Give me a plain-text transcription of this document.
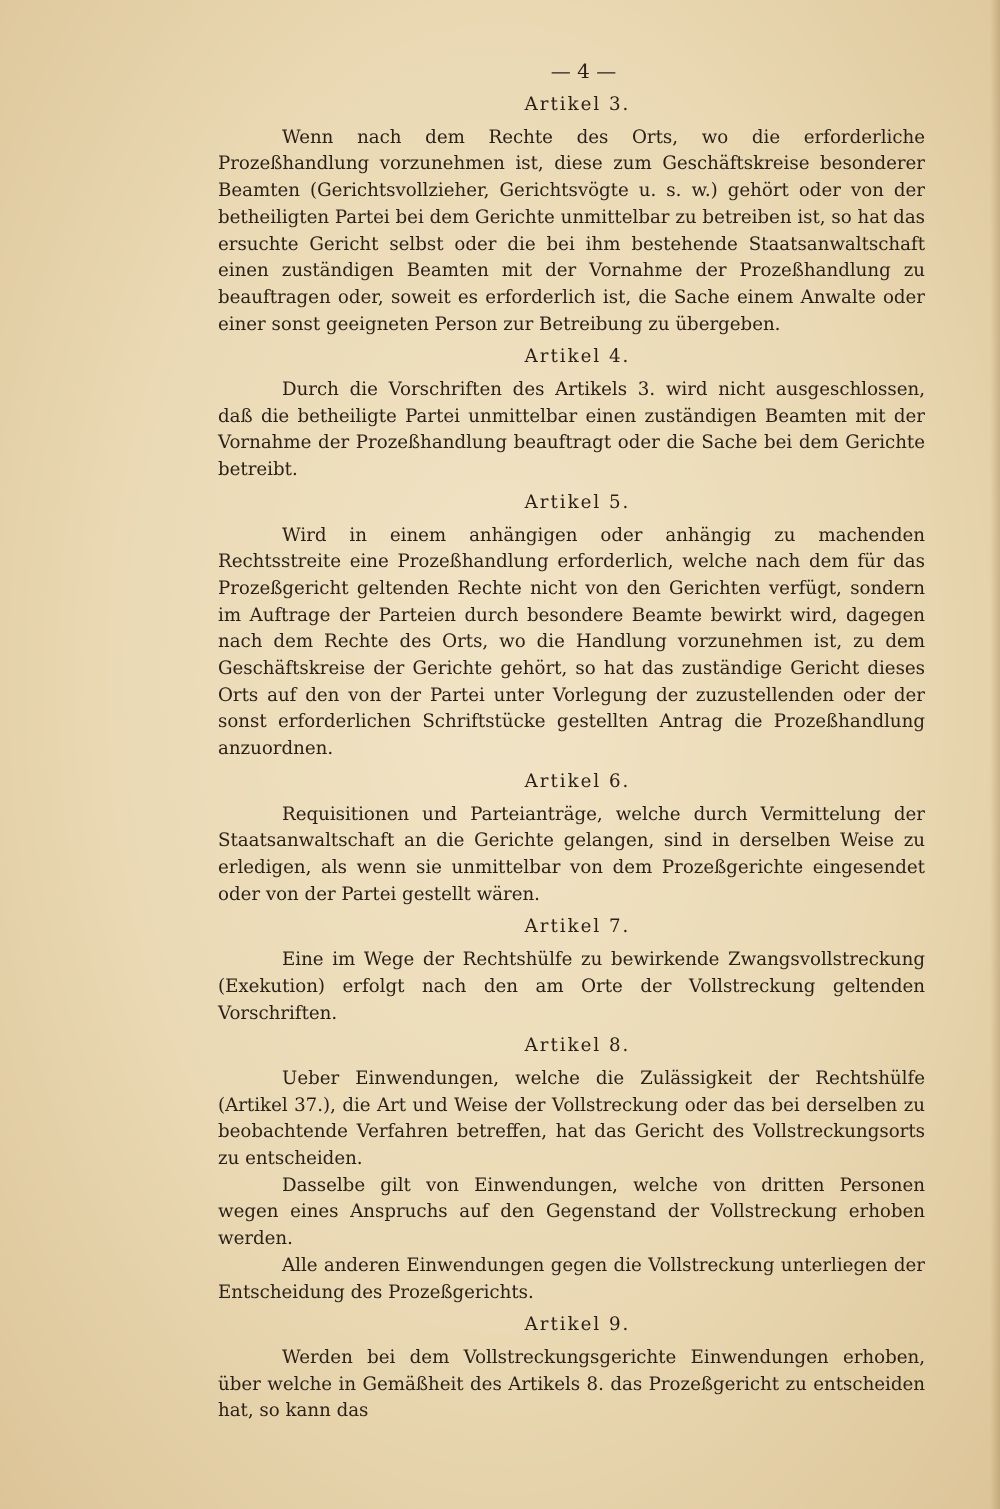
— 4 —
Artikel 3.

Wenn nach dem Rechte des Orts, wo die erforderliche Prozeßhandlung vorzunehmen ist, diese zum Geschäftskreise besonderer Beamten (Gerichtsvollzieher, Gerichtsvögte u. s. w.) gehört oder von der betheiligten Partei bei dem Gerichte unmittelbar zu betreiben ist, so hat das ersuchte Gericht selbst oder die bei ihm bestehende Staatsanwaltschaft einen zuständigen Beamten mit der Vornahme der Prozeßhandlung zu beauftragen oder, soweit es erforderlich ist, die Sache einem Anwalte oder einer sonst geeigneten Person zur Betreibung zu übergeben.

Artikel 4.

Durch die Vorschriften des Artikels 3. wird nicht ausgeschlossen, daß die betheiligte Partei unmittelbar einen zuständigen Beamten mit der Vornahme der Prozeßhandlung beauftragt oder die Sache bei dem Gerichte betreibt.

Artikel 5.

Wird in einem anhängigen oder anhängig zu machenden Rechtsstreite eine Prozeßhandlung erforderlich, welche nach dem für das Prozeßgericht geltenden Rechte nicht von den Gerichten verfügt, sondern im Auftrage der Parteien durch besondere Beamte bewirkt wird, dagegen nach dem Rechte des Orts, wo die Handlung vorzunehmen ist, zu dem Geschäftskreise der Gerichte gehört, so hat das zuständige Gericht dieses Orts auf den von der Partei unter Vorlegung der zuzustellenden oder der sonst erforderlichen Schriftstücke gestellten Antrag die Prozeßhandlung anzuordnen.

Artikel 6.

Requisitionen und Parteianträge, welche durch Vermittelung der Staatsanwaltschaft an die Gerichte gelangen, sind in derselben Weise zu erledigen, als wenn sie unmittelbar von dem Prozeßgerichte eingesendet oder von der Partei gestellt wären.

Artikel 7.

Eine im Wege der Rechtshülfe zu bewirkende Zwangsvollstreckung (Exekution) erfolgt nach den am Orte der Vollstreckung geltenden Vorschriften.

Artikel 8.

Ueber Einwendungen, welche die Zulässigkeit der Rechtshülfe (Artikel 37.), die Art und Weise der Vollstreckung oder das bei derselben zu beobachtende Verfahren betreffen, hat das Gericht des Vollstreckungsorts zu entscheiden.

Dasselbe gilt von Einwendungen, welche von dritten Personen wegen eines Anspruchs auf den Gegenstand der Vollstreckung erhoben werden.

Alle anderen Einwendungen gegen die Vollstreckung unterliegen der Entscheidung des Prozeßgerichts.

Artikel 9.

Werden bei dem Vollstreckungsgerichte Einwendungen erhoben, über welche in Gemäßheit des Artikels 8. das Prozeßgericht zu entscheiden hat, so kann das
